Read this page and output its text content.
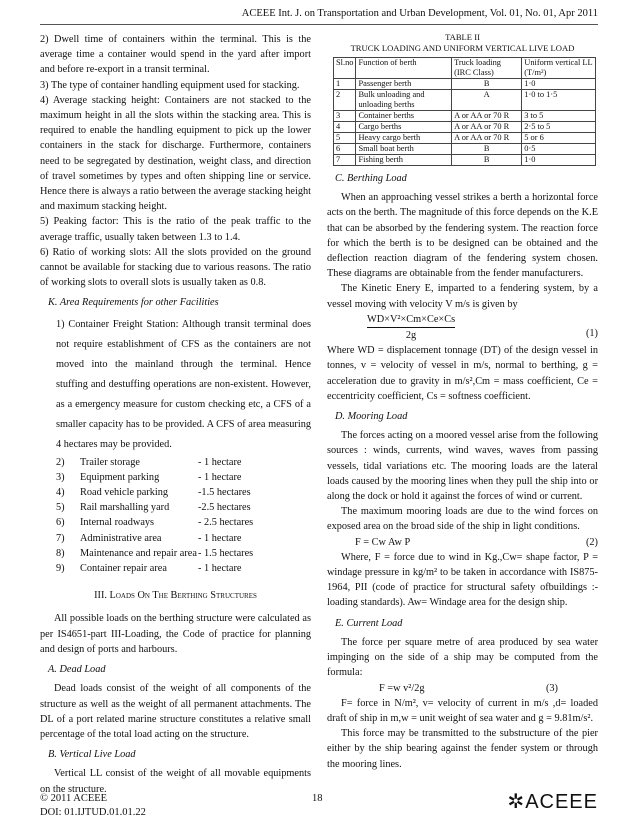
ACEEE Int. J. on Transportation and Urban Development, Vol. 01, No. 01, Apr 2011

2) Dwell time of containers within the terminal. This is the average time a container would spend in the yard after import and before re-export in a transit terminal.

3) The type of container handling equipment used for stacking.

4) Average stacking height: Containers are not stacked to the maximum height in all the slots within the stacking area. This is required to enable the handling equipment to pick up the lower containers in the stack for discharge. Furthermore, containers need to be segregated by destination, weight class, and direction of travel sometimes by types and often shipping line or service. Hence there is always a ratio between the average stacking height and maximum stacking height.

5) Peaking factor: This is the ratio of the peak traffic to the average traffic, usually taken between 1.3 to 1.4.

6) Ratio of working slots: All the slots provided on the ground cannot be available for stacking due to various reasons. The ratio of working slots to overall slots is usually taken as 0.8.

K. Area Requirements for other Facilities

1) Container Freight Station: Although transit terminal does not require establishment of CFS as the containers are not moved into the mainland through the terminal. Hence stuffing and destuffing operations are non-existent. However, as a emergency measure for custom checking etc, a CFS of a smaller capacity has to be provided. A CFS of area measuring 4 hectares may be provided.

2)	Trailer storage	- 1 hectare
3)	Equipment parking	- 1 hectare
4)	Road vehicle parking	-1.5 hectares
5)	Rail marshalling yard	-2.5 hectares
6)	Internal roadways	- 2.5 hectares
7)	Administrative area	- 1 hectare
8)	Maintenance and repair area - 1.5 hectares
9)	Container repair area	- 1 hectare
III. Loads On The Berthing Structures

All possible loads on the berthing structure were calculated as per IS4651-part III-Loading, the Code of practice for planning and design of ports and harbours.

A. Dead Load

Dead loads consist of the weight of all components of the structure as well as the weight of all permanent attachments. The DL of a port related marine structure constitutes a relative small percentage of the total load acting on the structure.

B. Vertical Live Load

Vertical LL consist of the weight of all movable equipments on the structure.

TABLE II
TRUCK LOADING AND UNIFORM VERTICAL LIVE LOAD
Sl.no	Function of berth	Truck loading (IRC Class)	Uniform vertical LL (T/m²)
1	Passenger berth	B	1·0
2	Bulk unloading and unloading berths	A	1·0 to 1·5
3	Container berths	A or AA or 70 R	3 to 5
4	Cargo berths	A or AA or 70 R	2·5 to 5
5	Heavy cargo berth	A or AA or 70 R	5 or 6
6	Small boat berth	B	0·5
7	Fishing berth	B	1·0
C. Berthing Load

When an approaching vessel strikes a berth a horizontal force acts on the berth. The magnitude of this force depends on the K.E that can be absorbed by the fendering system. The reaction force for which the berth is to be designed can be obtained and the deflection reaction diagram of the fendering system chosen. These diagrams are obtainable from the fender manufacturers.

The Kinetic Enery E, imparted to a fendering system, by a vessel moving with velocity V m/s is given by

$\frac{\text{WD×V²×Cm×Ce×Cs}}{2g}$	(1)

Where WD = displacement tonnage (DT) of the design vessel in tonnes, v = velocity of vessel in m/s, normal to berthing, g = acceleration due to gravity in m/s²,Cm = mass coefficient, Ce = eccentricity coefficient, Cs = softness coefficient.

D. Mooring Load

The forces acting on a moored vessel arise from the following sources : winds, currents, wind waves, waves from passing vessels, tidal variations etc. The mooring loads are the lateral loads caused by the mooring lines when they pull the ship into or along the dock or hold it against the forces of wind or current.

The maximum mooring loads are due to the wind forces on exposed area on the broad side of the ship in light conditions.

F = Cw Aw P	(2)

Where, F = force due to wind in Kg.,Cw= shape factor, P = windage pressure in kg/m² to be taken in accordance with IS875-1964, PII (code of practice for structural safety ofbuildings :- loading standards). Aw= Windage area for the design ship.

E. Current Load

The force per square metre of area produced by sea water impinging on the side of a ship may be computed from the formula:

F =w v²/2g	(3)

F= force in N/m², v= velocity of current in m/s ,d= loaded draft of ship in m,w = unit weight of sea water and g = 9.81m/s².

This force may be transmitted to the substructure of the pier either by the ship bearing against the fender system or through the mooring lines.

© 2011 ACEEE
DOI: 01.IJTUD.01.01.22
18	✲ACEEE
